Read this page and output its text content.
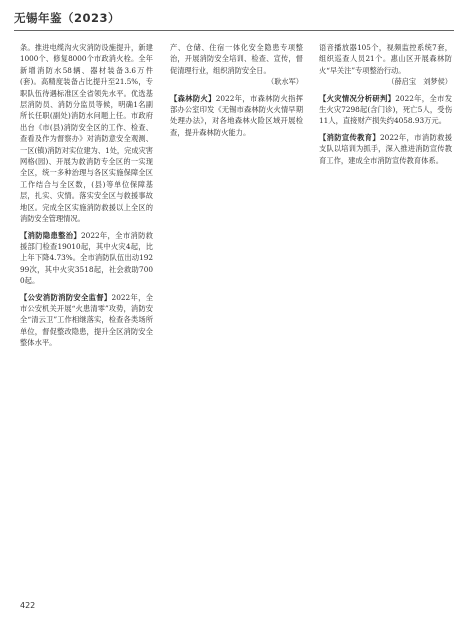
无锡年鉴（2023）

条。推进电缆沟火灾消防设施提升，新建1000个、修复8000个市政消火栓。全年新增消防水58辆、器材装备3.6万件(套)。高精度装备占比提升至21.5%，专职队伍待遇标准区全省领先水平。优选基层消防员、消防分监员等候，明确1名副所长任职(副处)消防水问题上任。市政府出台《市(县)消防安全区的工作、检查、查看及作为督察办》对消防意安全观测、一区(镇)消防对实位建为、1处，完成灾害网格(园)、开展为救消防专全区的一实现全区，统一多种治理与各区实施保障全区工作结合与全区数，(县)等单位保障基层，扎实、灾情。落实安全区与救援事故地区。完成全区实施消防救援以上全区的消防安全管理情况。

【消防隐患整治】2022年，全市消防救援部门检查19010起，其中火灾4起，比上年下降4.73%。全市消防队伍出动19299次，其中火灾3518起，社会救助7000起。

【公安消防消防安全监督】2022年，全市公安机关开展“火患清零”攻势，消防安全“清云卫”工作相继落实，检查各类场所单位，督促整改隐患，提升全区消防安全整体水平。

产、仓储、住宿一体化安全隐患专项整治，开展消防安全培训、检查、宣传，督促清理行业，组织消防安全日。

（耿水军）

【森林防火】2022年，市森林防火指挥部办公室印发《无锡市森林防火火情早期处理办法》，对各地森林火险区域开展检查，提升森林防火能力。

语音播放器105个，视频监控系统7套，组织巡查人员21个。惠山区开展森林防火“早关注”专项整治行动。

（薛启宝　刘梦侯）

【火灾情况分析研判】2022年，全市发生火灾7298起(含门诊)，死亡5人，受伤11人，直接财产损失约4058.93万元。

【消防宣传教育】2022年，市消防救援支队以培训为抓手，深入推进消防宣传教育工作，建成全市消防宣传教育体系。

422
